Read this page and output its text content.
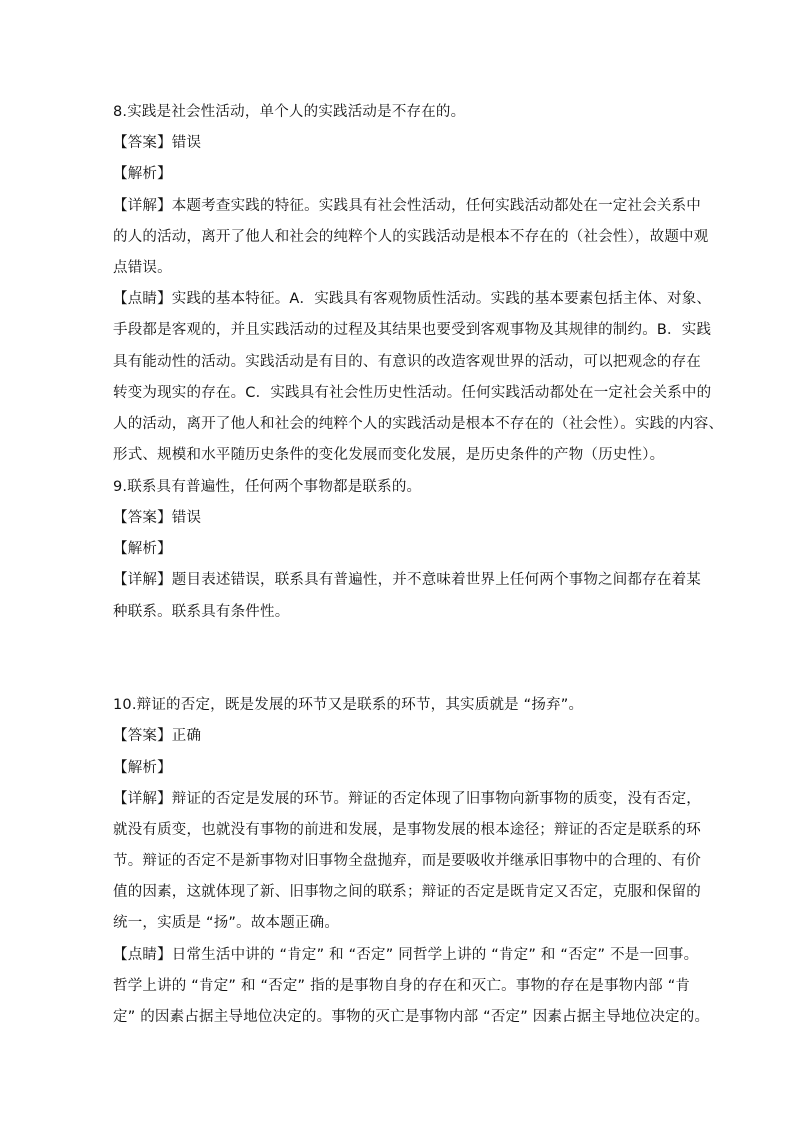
8.实践是社会性活动，单个人的实践活动是不存在的。
【答案】错误
【解析】
【详解】本题考查实践的特征。实践具有社会性活动，任何实践活动都处在一定社会关系中
的人的活动，离开了他人和社会的纯粹个人的实践活动是根本不存在的（社会性），故题中观
点错误。
【点睛】实践的基本特征。A．实践具有客观物质性活动。实践的基本要素包括主体、对象、
手段都是客观的，并且实践活动的过程及其结果也要受到客观事物及其规律的制约。B．实践
具有能动性的活动。实践活动是有目的、有意识的改造客观世界的活动，可以把观念的存在
转变为现实的存在。C．实践具有社会性历史性活动。任何实践活动都处在一定社会关系中的
人的活动，离开了他人和社会的纯粹个人的实践活动是根本不存在的（社会性）。实践的内容、
形式、规模和水平随历史条件的变化发展而变化发展，是历史条件的产物（历史性）。
9.联系具有普遍性，任何两个事物都是联系的。
【答案】错误
【解析】
【详解】题目表述错误，联系具有普遍性，并不意味着世界上任何两个事物之间都存在着某
种联系。联系具有条件性。
10.辩证的否定，既是发展的环节又是联系的环节，其实质就是 “扬弃”。
【答案】正确
【解析】
【详解】辩证的否定是发展的环节。辩证的否定体现了旧事物向新事物的质变，没有否定，
就没有质变，也就没有事物的前进和发展，是事物发展的根本途径；辩证的否定是联系的环
节。辩证的否定不是新事物对旧事物全盘抛弃，而是要吸收并继承旧事物中的合理的、有价
值的因素，这就体现了新、旧事物之间的联系；辩证的否定是既肯定又否定，克服和保留的
统一，实质是 “扬”。故本题正确。
【点睛】日常生活中讲的 “肯定” 和 “否定” 同哲学上讲的 “肯定” 和 “否定” 不是一回事。
哲学上讲的 “肯定” 和 “否定” 指的是事物自身的存在和灭亡。事物的存在是事物内部 “肯
定” 的因素占据主导地位决定的。事物的灭亡是事物内部 “否定” 因素占据主导地位决定的。
